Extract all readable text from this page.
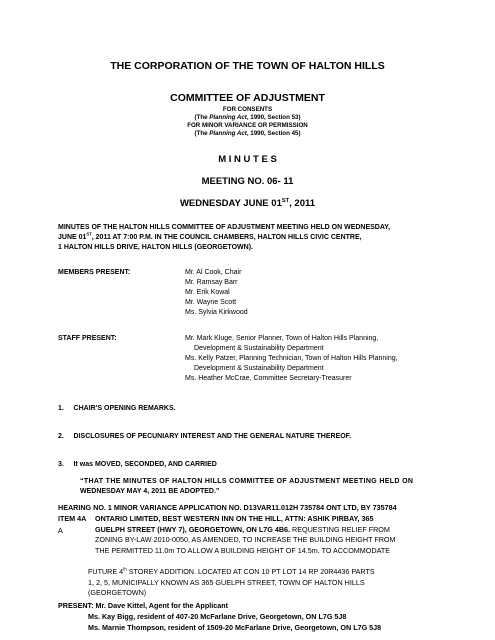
THE CORPORATION OF THE TOWN OF HALTON HILLS
COMMITTEE OF ADJUSTMENT
FOR CONSENTS
(The Planning Act, 1990, Section 53)
FOR MINOR VARIANCE OR PERMISSION
(The Planning Act, 1990, Section 45)
M I N U T E S
MEETING NO. 06- 11
WEDNESDAY JUNE 01ST, 2011
MINUTES OF THE HALTON HILLS COMMITTEE OF ADJUSTMENT MEETING HELD ON WEDNESDAY,
JUNE 01ST, 2011 AT 7:00 P.M. IN THE COUNCIL CHAMBERS, HALTON HILLS CIVIC CENTRE,
1 HALTON HILLS DRIVE, HALTON HILLS (GEORGETOWN).
MEMBERS PRESENT:	Mr. Al Cook, Chair
Mr. Ramsay Barr
Mr. Erik Kowal
Mr. Wayne Scott
Ms. Sylvia Kirkwood
STAFF PRESENT:	Mr. Mark Kluge, Senior Planner, Town of Halton Hills Planning,
Development & Sustainability Department
Ms. Kelly Patzer, Planning Technician, Town of Halton Hills Planning,
Development & Sustainability Department
Ms. Heather McCrae, Committee Secretary-Treasurer
1.     CHAIR'S OPENING REMARKS.
2.     DISCLOSURES OF PECUNIARY INTEREST AND THE GENERAL NATURE THEREOF.
3.     It was MOVED, SECONDED, AND CARRIED
“THAT THE MINUTES OF HALTON HILLS COMMITTEE OF ADJUSTMENT MEETING HELD ON
WEDNESDAY MAY 4, 2011 BE ADOPTED.”
HEARING NO. 1 MINOR VARIANCE APPLICATION NO. D13VAR11.012H 735784 ONT LTD, BY 735784
ITEM 4A ONTARIO LIMITED, BEST WESTERN INN ON THE HILL, ATTN: ASHIK PIRBAY, 365
GUELPH STREET (HWY 7), GEORGETOWN, ON L7G 4B6. REQUESTING RELIEF FROM
ZONING BY-LAW 2010-0050, AS AMENDED, TO INCREASE THE BUILDING HEIGHT FROM
THE PERMITTED 11.0m TO ALLOW A BUILDING HEIGHT OF 14.5m. TO ACCOMMODATE
A
FUTURE 4th STOREY ADDITION. LOCATED AT CON 10 PT LOT 14 RP 20R4436 PARTS
1, 2, 5, MUNICIPALLY KNOWN AS 365 GUELPH STREET, TOWN OF HALTON HILLS
(GEORGETOWN)
PRESENT: Mr. Dave Kittel, Agent for the Applicant
Ms. Kay Bigg, resident of 407-20 McFarlane Drive, Georgetown, ON L7G 5J8
Ms. Marnie Thompson, resident of 1509-20 McFarlane Drive, Georgetown, ON L7G 5J8
